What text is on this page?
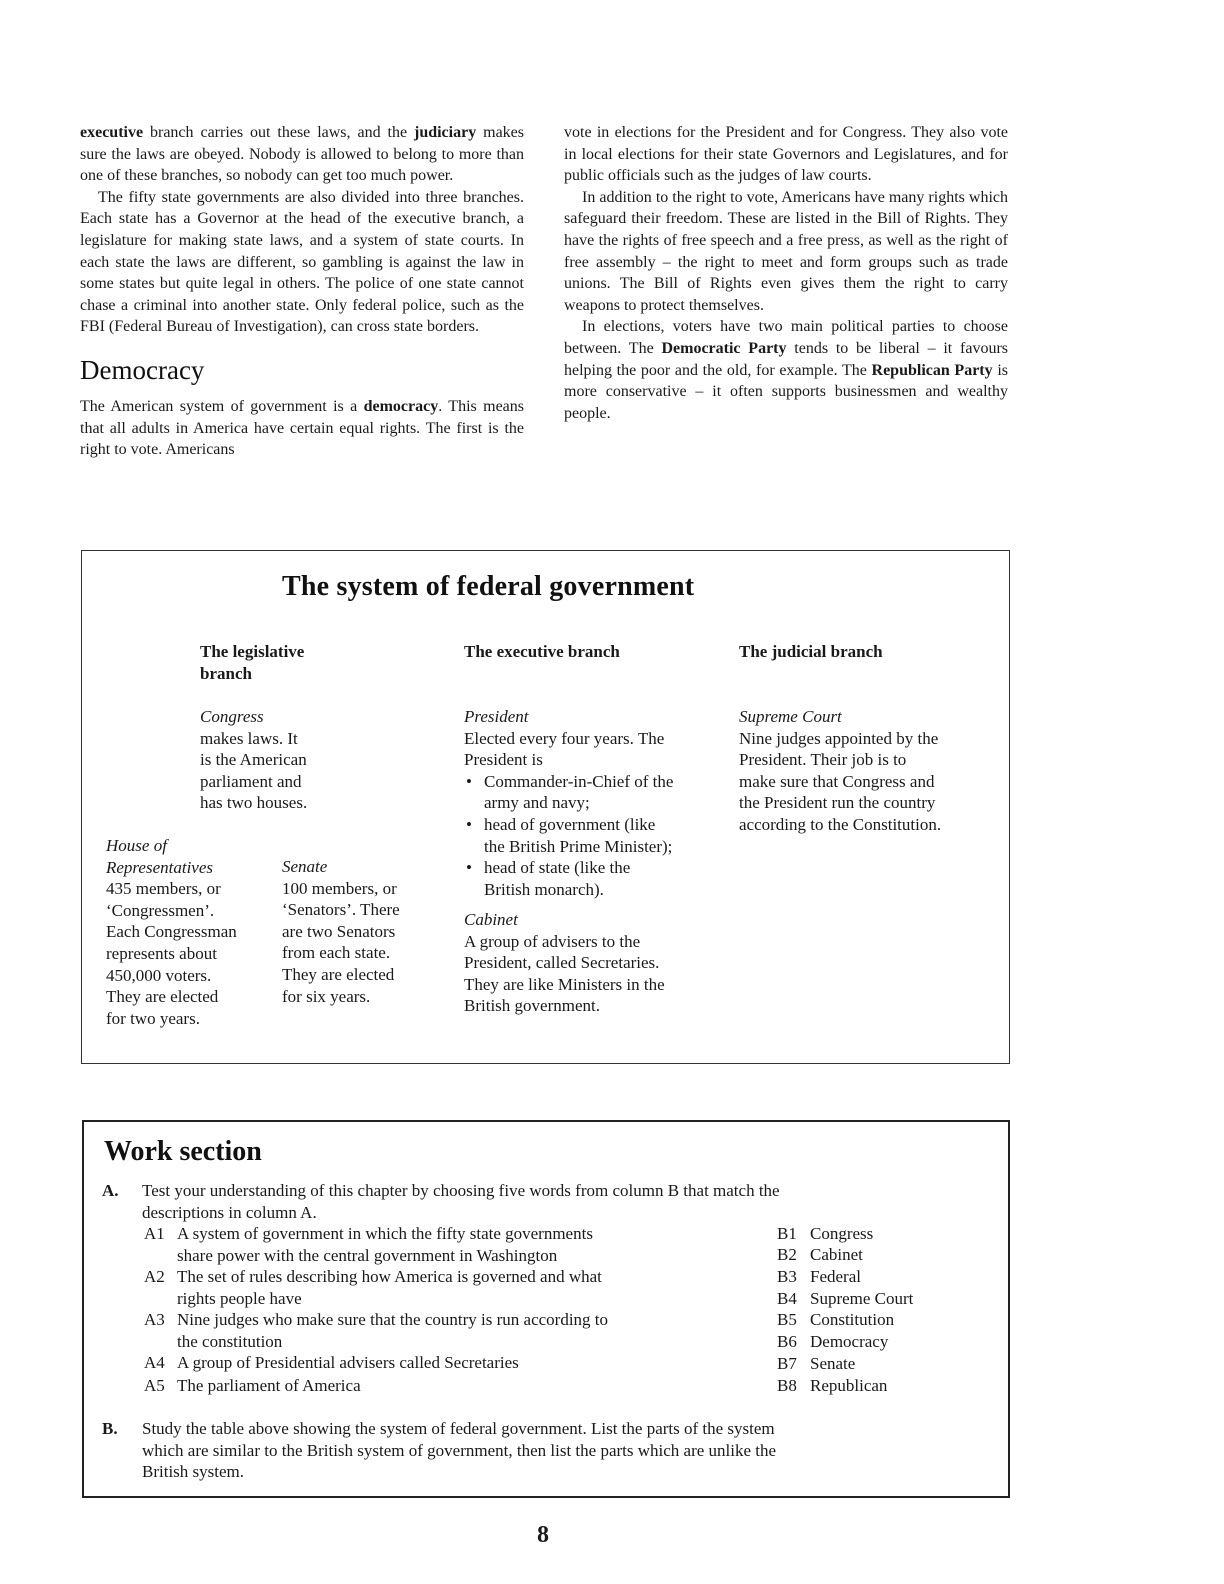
executive branch carries out these laws, and the judiciary makes sure the laws are obeyed. Nobody is allowed to belong to more than one of these branches, so nobody can get too much power.

The fifty state governments are also divided into three branches. Each state has a Governor at the head of the executive branch, a legislature for making state laws, and a system of state courts. In each state the laws are different, so gambling is against the law in some states but quite legal in others. The police of one state cannot chase a criminal into another state. Only federal police, such as the FBI (Federal Bureau of Investigation), can cross state borders.

Democracy

The American system of government is a democracy. This means that all adults in America have certain equal rights. The first is the right to vote. Americans

vote in elections for the President and for Congress. They also vote in local elections for their state Governors and Legislatures, and for public officials such as the judges of law courts.

In addition to the right to vote, Americans have many rights which safeguard their freedom. These are listed in the Bill of Rights. They have the rights of free speech and a free press, as well as the right of free assembly – the right to meet and form groups such as trade unions. The Bill of Rights even gives them the right to carry weapons to protect themselves.

In elections, voters have two main political parties to choose between. The Democratic Party tends to be liberal – it favours helping the poor and the old, for example. The Republican Party is more conservative – it often supports businessmen and wealthy people.

The system of federal government
The legislative
branch
Congress
makes laws. It
is the American
parliament and
has two houses.
House of
Representatives
435 members, or
‘Congressmen’.
Each Congressman
represents about
450,000 voters.
They are elected
for two years.
Senate
100 members, or
‘Senators’. There
are two Senators
from each state.
They are elected
for six years.
The executive branch
President
Elected every four years. The
President is
• Commander-in-Chief of the
army and navy;
• head of government (like
the British Prime Minister);
• head of state (like the
British monarch).
Cabinet
A group of advisers to the
President, called Secretaries.
They are like Ministers in the
British government.
The judicial branch
Supreme Court
Nine judges appointed by the
President. Their job is to
make sure that Congress and
the President run the country
according to the Constitution.
Work section
A. Test your understanding of this chapter by choosing five words from column B that match the
descriptions in column A.
A1 A system of government in which the fifty state governments
share power with the central government in Washington
A2 The set of rules describing how America is governed and what
rights people have
A3 Nine judges who make sure that the country is run according to
the constitution
A4 A group of Presidential advisers called Secretaries
A5 The parliament of America
B1 Congress
B2 Cabinet
B3 Federal
B4 Supreme Court
B5 Constitution
B6 Democracy
B7 Senate
B8 Republican
B. Study the table above showing the system of federal government. List the parts of the system
which are similar to the British system of government, then list the parts which are unlike the
British system.
8
